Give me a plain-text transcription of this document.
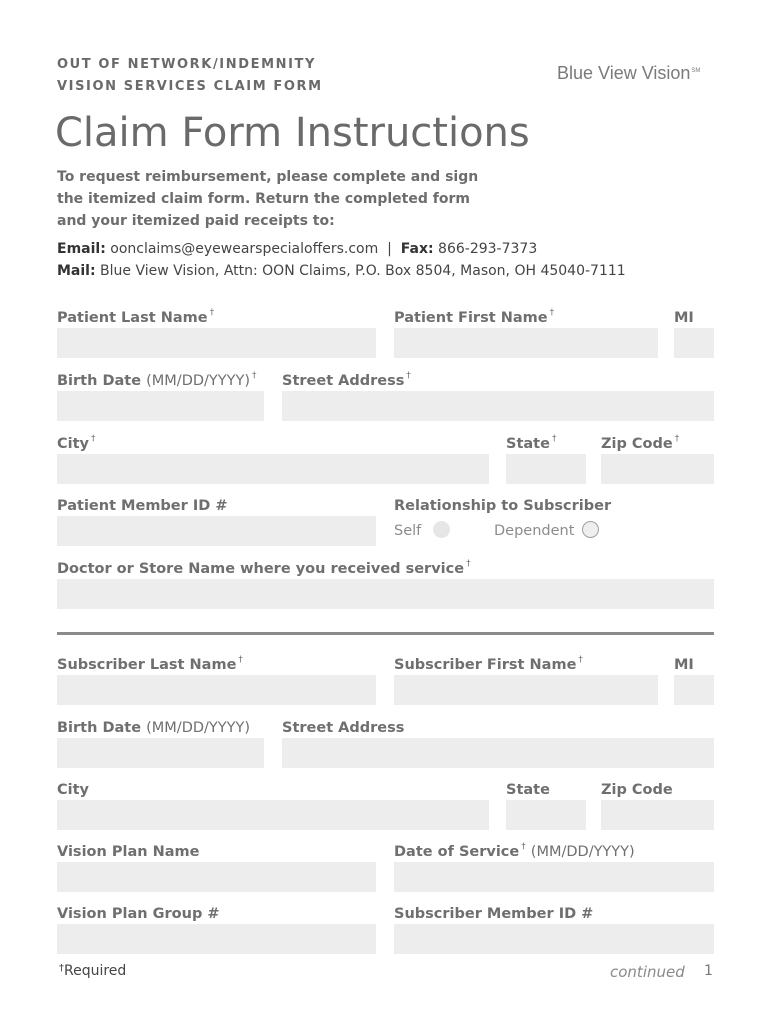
OUT OF NETWORK/INDEMNITY
VISION SERVICES CLAIM FORM
Blue View Vision℠
Claim Form Instructions
To request reimbursement, please complete and sign
the itemized claim form. Return the completed form
and your itemized paid receipts to:
Email: oonclaims@eyewearspecialoffers.com | Fax: 866-293-7373
Mail: Blue View Vision, Attn: OON Claims, P.O. Box 8504, Mason, OH 45040-7111
Patient Last Name †	Patient First Name †	MI
Birth Date (MM/DD/YYYY) † Street Address †
City †	State †	Zip Code †
Patient Member ID #	Relationship to Subscriber
Self	Dependent
Doctor or Store Name where you received service †
Subscriber Last Name †	Subscriber First Name †	MI
Birth Date (MM/DD/YYYY) Street Address
City	State	Zip Code
Vision Plan Name	Date of Service † (MM/DD/YYYY)
Vision Plan Group #	Subscriber Member ID #
†Required	continued 1
